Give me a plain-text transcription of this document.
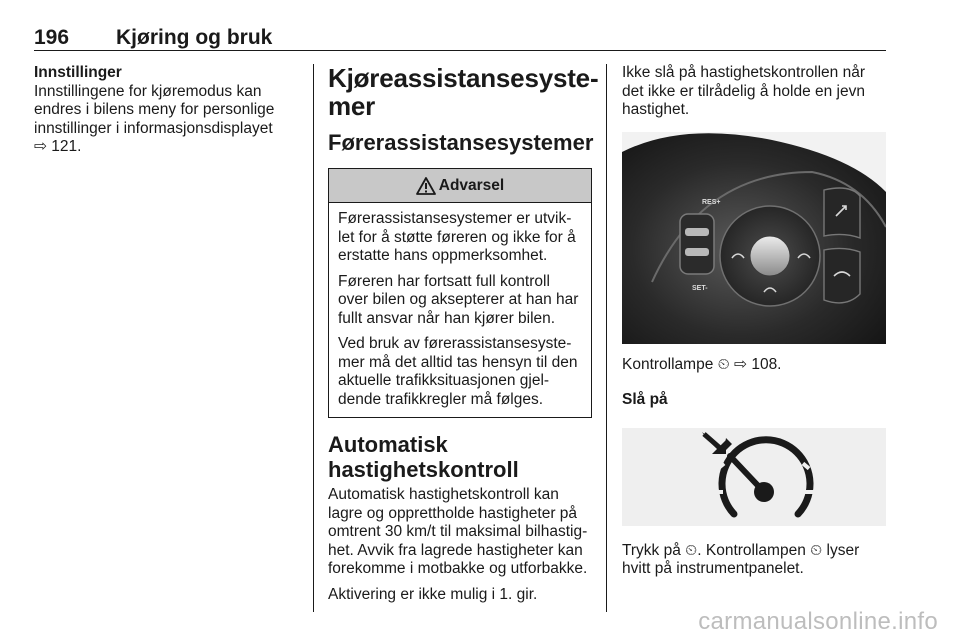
196 Kjøring og bruk
Innstillinger

Innstillingene for kjøremodus kan
endres i bilens meny for personlige
innstillinger i informasjonsdisplayet
⇨ 121.

Kjøreassistansesyste-
mer
Førerassistansesystemer
Advarsel

Førerassistansesystemer er utvik-
let for å støtte føreren og ikke for å
erstatte hans oppmerksomhet.

Føreren har fortsatt full kontroll
over bilen og aksepterer at han har
fullt ansvar når han kjører bilen.

Ved bruk av førerassistansesyste-
mer må det alltid tas hensyn til den
aktuelle trafikksituasjonen gjel-
dende trafikkregler må følges.

Automatisk
hastighetskontroll

Automatisk hastighetskontroll kan
lagre og opprettholde hastigheter på
omtrent 30 km/t til maksimal bilhastig-
het. Avvik fra lagrede hastigheter kan
forekomme i motbakke og utforbakke.

Aktivering er ikke mulig i 1. gir.

Ikke slå på hastighetskontrollen når
det ikke er tilrådelig å holde en jevn
hastighet.

RES+
SET-

Kontrollampe ⏲ ⇨ 108.

Slå på

Trykk på ⏲. Kontrollampen ⏲ lyser
hvitt på instrumentpanelet.

carmanualsonline.info
